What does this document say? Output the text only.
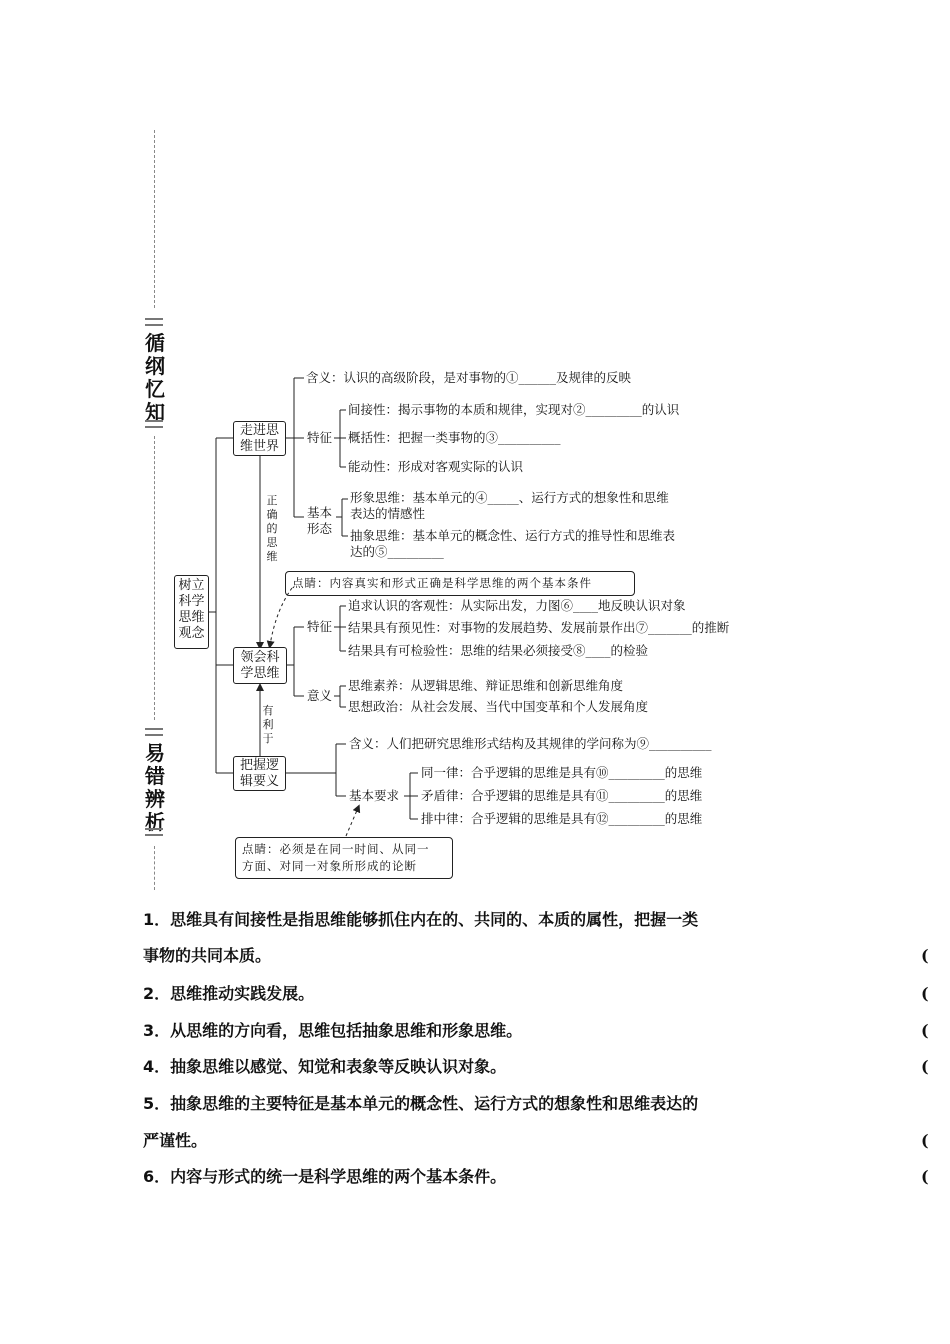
循
纲
忆
知
易
错
辨
析
树立
科学
思维
观念
走进思
维世界
领会科
学思维
把握逻
辑要义
含义：认识的高级阶段，是对事物的①______及规律的反映
特征
间接性：揭示事物的本质和规律，实现对②_________的认识
概括性：把握一类事物的③__________
能动性：形成对客观实际的认识
基本
形态
形象思维：基本单元的④_____、运行方式的想象性和思维
表达的情感性
抽象思维：基本单元的概念性、运行方式的推导性和思维表
达的⑤_________
正
确
的
思
维
有
利
于
点睛：内容真实和形式正确是科学思维的两个基本条件
特征
追求认识的客观性：从实际出发，力图⑥____地反映认识对象
结果具有预见性：对事物的发展趋势、发展前景作出⑦_______的推断
结果具有可检验性：思维的结果必须接受⑧____的检验
意义
思维素养：从逻辑思维、辩证思维和创新思维角度
思想政治：从社会发展、当代中国变革和个人发展角度
含义：人们把研究思维形式结构及其规律的学问称为⑨__________
基本要求
同一律：合乎逻辑的思维是具有⑩_________的思维
矛盾律：合乎逻辑的思维是具有⑪_________的思维
排中律：合乎逻辑的思维是具有⑫_________的思维
点睛：必须是在同一时间、从同一
方面、对同一对象所形成的论断
1．思维具有间接性是指思维能够抓住内在的、共同的、本质的属性，把握一类
事物的共同本质。	(
2．思维推动实践发展。	(
3．从思维的方向看，思维包括抽象思维和形象思维。	(
4．抽象思维以感觉、知觉和表象等反映认识对象。	(
5．抽象思维的主要特征是基本单元的概念性、运行方式的想象性和思维表达的
严谨性。	(
6．内容与形式的统一是科学思维的两个基本条件。	(
